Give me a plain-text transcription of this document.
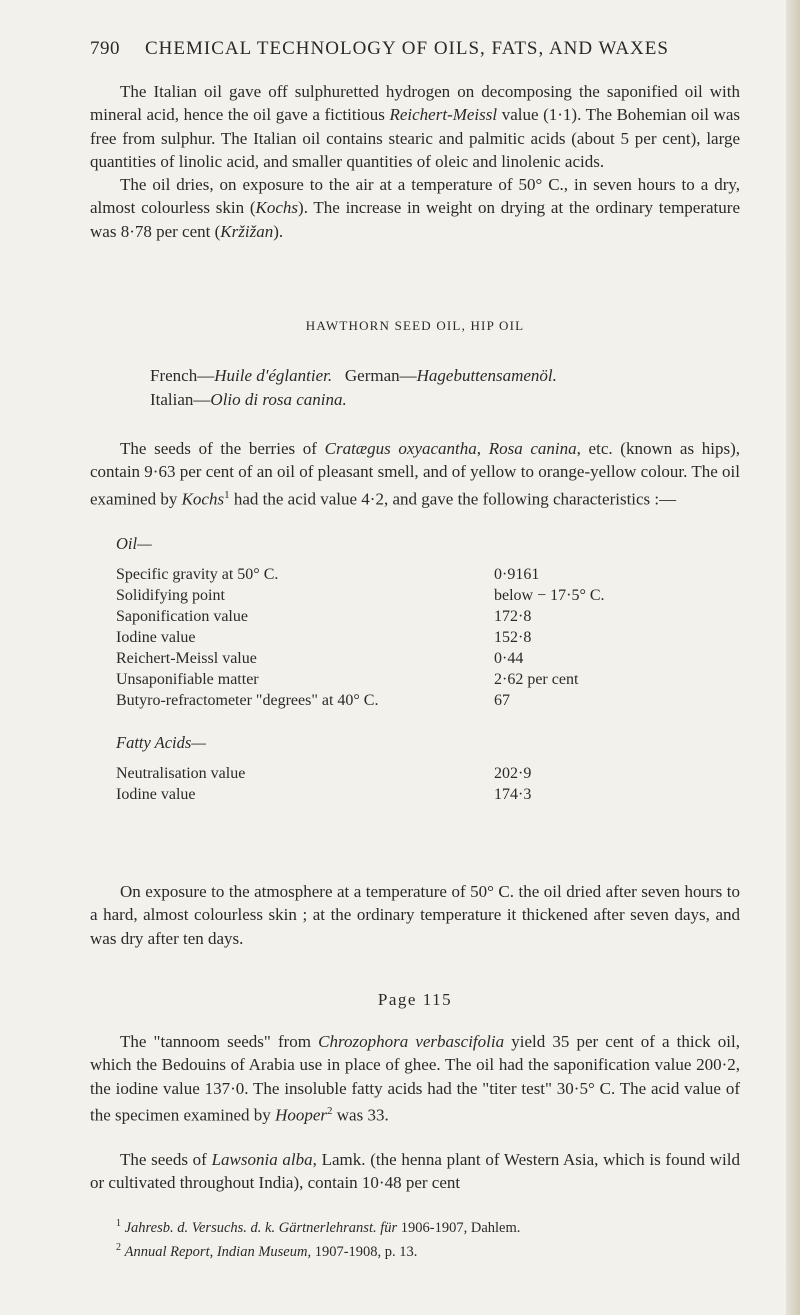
790 CHEMICAL TECHNOLOGY OF OILS, FATS, AND WAXES
The Italian oil gave off sulphuretted hydrogen on decomposing the saponified oil with mineral acid, hence the oil gave a fictitious Reichert-Meissl value (1·1). The Bohemian oil was free from sulphur. The Italian oil contains stearic and palmitic acids (about 5 per cent), large quantities of linolic acid, and smaller quantities of oleic and linolenic acids.
The oil dries, on exposure to the air at a temperature of 50° C., in seven hours to a dry, almost colourless skin (Kochs). The increase in weight on drying at the ordinary temperature was 8·78 per cent (Kržižan).
HAWTHORN SEED OIL, HIP OIL
French—Huile d'églantier. German—Hagebuttensamenöl.
Italian—Olio di rosa canina.
The seeds of the berries of Cratægus oxyacantha, Rosa canina, etc. (known as hips), contain 9·63 per cent of an oil of pleasant smell, and of yellow to orange-yellow colour. The oil examined by Kochs$^1$ had the acid value 4·2, and gave the following characteristics :—
Oil—
Specific gravity at 50° C.	0·9161
Solidifying point	below − 17·5° C.
Saponification value	172·8
Iodine value	152·8
Reichert-Meissl value	0·44
Unsaponifiable matter	2·62 per cent
Butyro-refractometer "degrees" at 40° C.	67
Fatty Acids—
Neutralisation value	202·9
Iodine value	174·3
On exposure to the atmosphere at a temperature of 50° C. the oil dried after seven hours to a hard, almost colourless skin ; at the ordinary temperature it thickened after seven days, and was dry after ten days.
Page 115
The "tannoom seeds" from Chrozophora verbascifolia yield 35 per cent of a thick oil, which the Bedouins of Arabia use in place of ghee. The oil had the saponification value 200·2, the iodine value 137·0. The insoluble fatty acids had the "titer test" 30·5° C. The acid value of the specimen examined by Hooper$^2$ was 33.
The seeds of Lawsonia alba, Lamk. (the henna plant of Western Asia, which is found wild or cultivated throughout India), contain 10·48 per cent
$^1$ Jahresb. d. Versuchs. d. k. Gärtnerlehranst. für 1906-1907, Dahlem.
$^2$ Annual Report, Indian Museum, 1907-1908, p. 13.
